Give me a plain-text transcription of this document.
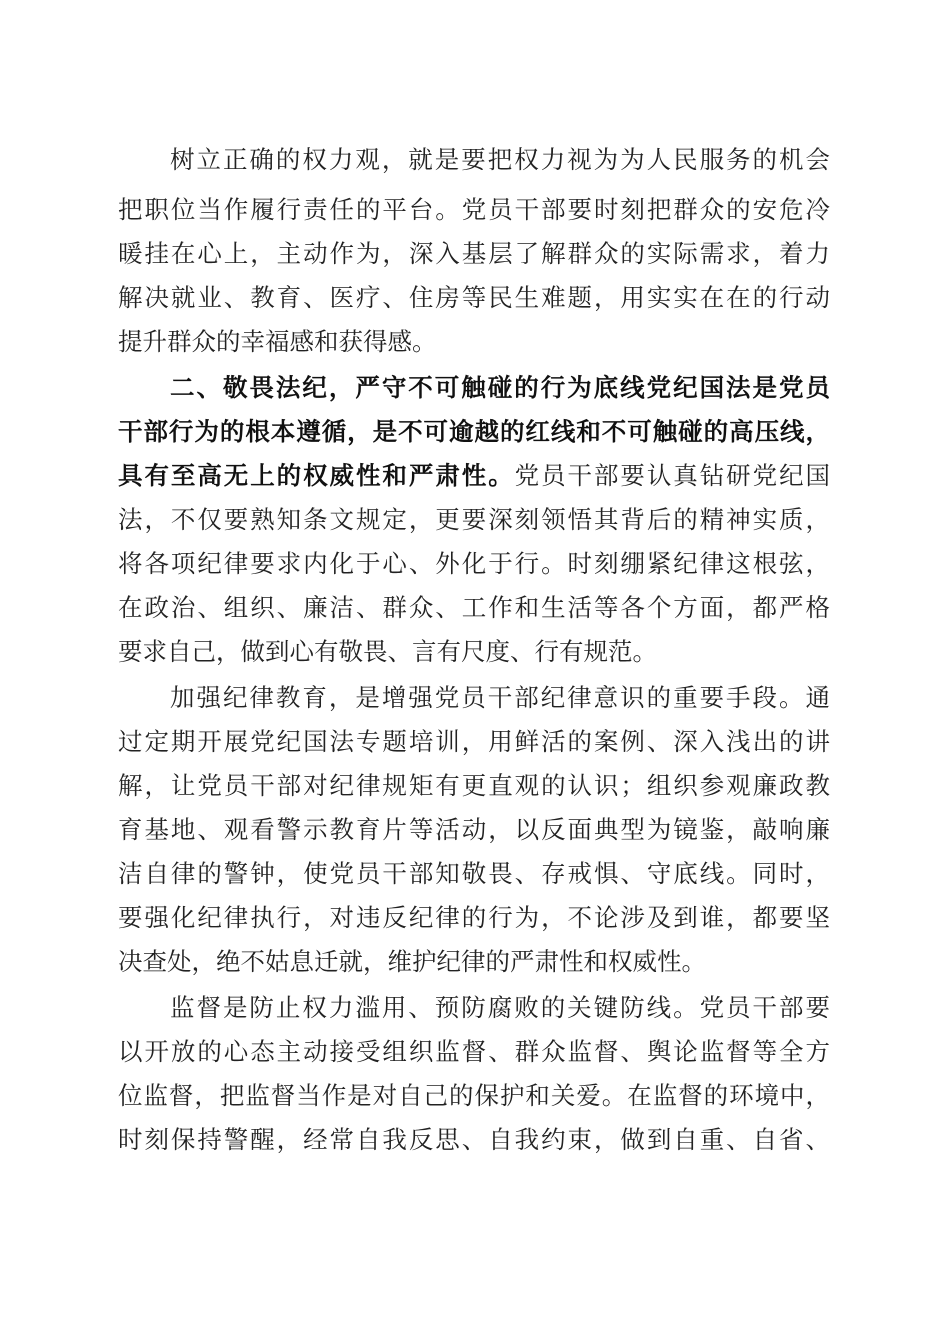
树立正确的权力观，就是要把权力视为为人民服务的机会
把职位当作履行责任的平台。党员干部要时刻把群众的安危冷
暖挂在心上，主动作为，深入基层了解群众的实际需求，着力
解决就业、教育、医疗、住房等民生难题，用实实在在的行动
提升群众的幸福感和获得感。
二、敬畏法纪，严守不可触碰的行为底线党纪国法是党员
干部行为的根本遵循，是不可逾越的红线和不可触碰的高压线，
具有至高无上的权威性和严肃性。党员干部要认真钻研党纪国
法，不仅要熟知条文规定，更要深刻领悟其背后的精神实质，
将各项纪律要求内化于心、外化于行。时刻绷紧纪律这根弦，
在政治、组织、廉洁、群众、工作和生活等各个方面，都严格
要求自己，做到心有敬畏、言有尺度、行有规范。
加强纪律教育，是增强党员干部纪律意识的重要手段。通
过定期开展党纪国法专题培训，用鲜活的案例、深入浅出的讲
解，让党员干部对纪律规矩有更直观的认识；组织参观廉政教
育基地、观看警示教育片等活动，以反面典型为镜鉴，敲响廉
洁自律的警钟，使党员干部知敬畏、存戒惧、守底线。同时，
要强化纪律执行，对违反纪律的行为，不论涉及到谁，都要坚
决查处，绝不姑息迁就，维护纪律的严肃性和权威性。
监督是防止权力滥用、预防腐败的关键防线。党员干部要
以开放的心态主动接受组织监督、群众监督、舆论监督等全方
位监督，把监督当作是对自己的保护和关爱。在监督的环境中，
时刻保持警醒，经常自我反思、自我约束，做到自重、自省、
